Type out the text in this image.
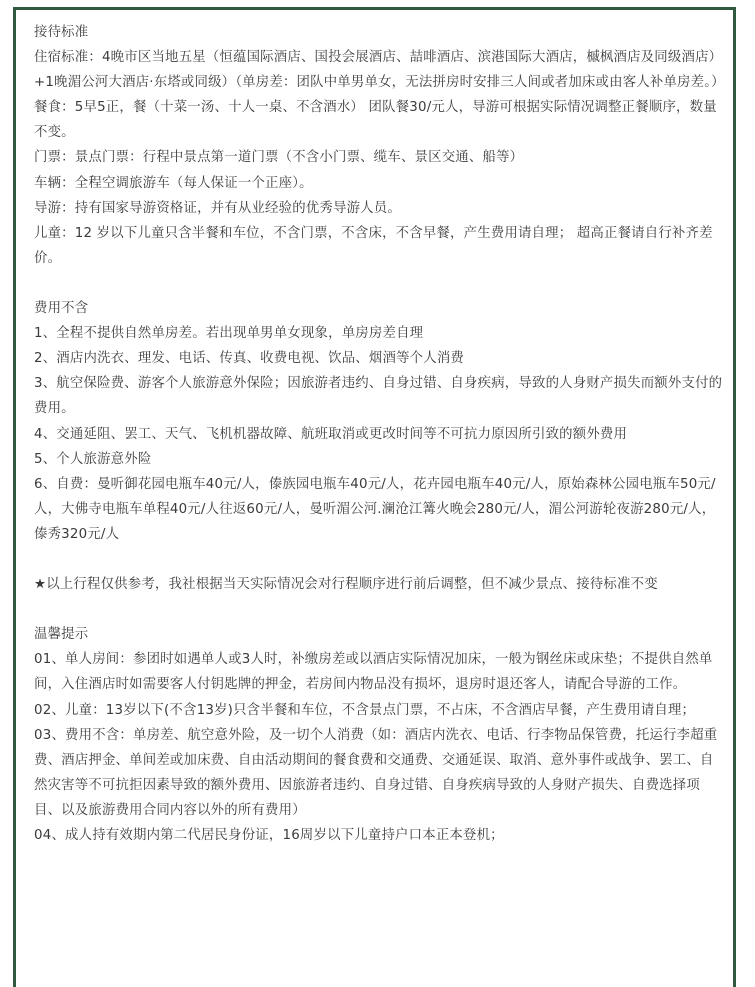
接待标准

住宿标准：4晚市区当地五星（恒蕴国际酒店、国投会展酒店、喆啡酒店、滨港国际大酒店，槭枫酒店及同级酒店）+1晚湄公河大酒店·东塔或同级）（单房差：团队中单男单女，无法拼房时安排三人间或者加床或由客人补单房差。）

餐食：5早5正，餐（十菜一汤、十人一桌、不含酒水） 团队餐30/元人，导游可根据实际情况调整正餐顺序，数量不变。

门票：景点门票：行程中景点第一道门票（不含小门票、缆车、景区交通、船等）

车辆：全程空调旅游车（每人保证一个正座）。

导游：持有国家导游资格证，并有从业经验的优秀导游人员。

儿童：12 岁以下儿童只含半餐和车位，不含门票，不含床，不含早餐，产生费用请自理； 超高正餐请自行补齐差价。

费用不含

1、全程不提供自然单房差。若出现单男单女现象，单房房差自理

2、酒店内洗衣、理发、电话、传真、收费电视、饮品、烟酒等个人消费

3、航空保险费、游客个人旅游意外保险；因旅游者违约、自身过错、自身疾病，导致的人身财产损失而额外支付的费用。

4、交通延阻、罢工、天气、飞机机器故障、航班取消或更改时间等不可抗力原因所引致的额外费用

5、个人旅游意外险

6、自费：曼听御花园电瓶车40元/人，傣族园电瓶车40元/人，花卉园电瓶车40元/人，原始森林公园电瓶车50元/人，大佛寺电瓶车单程40元/人往返60元/人，曼听湄公河.澜沧江篝火晚会280元/人，湄公河游轮夜游280元/人，傣秀320元/人

★以上行程仅供参考，我社根据当天实际情况会对行程顺序进行前后调整，但不减少景点、接待标准不变

温馨提示

01、单人房间：参团时如遇单人或3人时，补缴房差或以酒店实际情况加床，一般为钢丝床或床垫；不提供自然单间，入住酒店时如需要客人付钥匙牌的押金，若房间内物品没有损坏，退房时退还客人，请配合导游的工作。

02、儿童：13岁以下(不含13岁)只含半餐和车位，不含景点门票，不占床，不含酒店早餐，产生费用请自理；

03、费用不含：单房差、航空意外险，及一切个人消费（如：酒店内洗衣、电话、行李物品保管费，托运行李超重费、酒店押金、单间差或加床费、自由活动期间的餐食费和交通费、交通延误、取消、意外事件或战争、罢工、自然灾害等不可抗拒因素导致的额外费用、因旅游者违约、自身过错、自身疾病导致的人身财产损失、自费选择项目、以及旅游费用合同内容以外的所有费用）

04、成人持有效期内第二代居民身份证，16周岁以下儿童持户口本正本登机；
